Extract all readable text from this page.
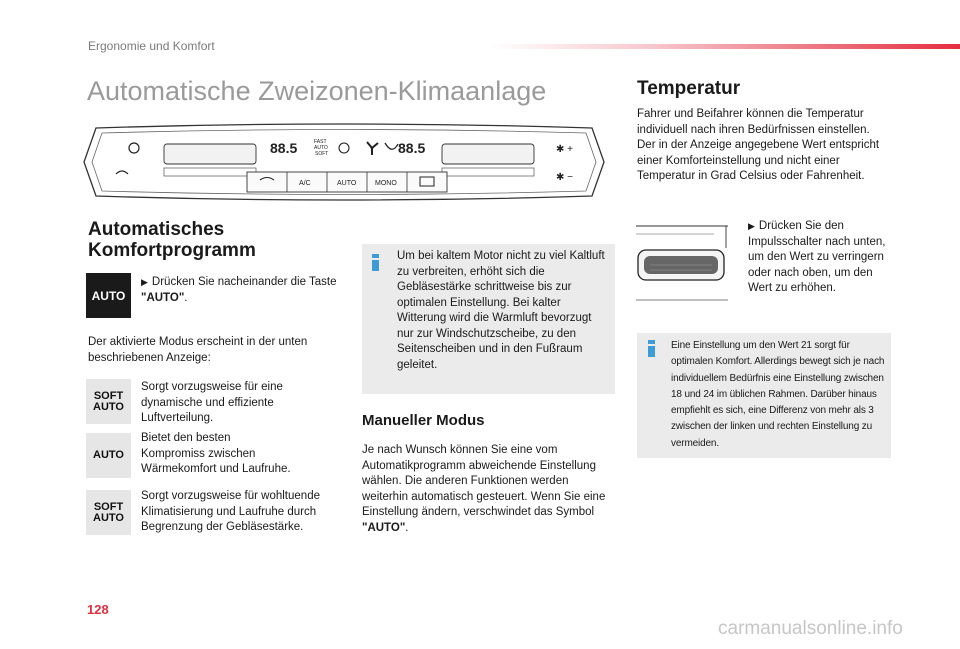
Ergonomie und Komfort
Automatische Zweizonen-Klimaanlage
88.5	FAST
AUTO
SOFT	88.5	✱ +
✱ −
A/C	AUTO	MONO
Automatisches
Komfortprogramm
AUTO
▶ Drücken Sie nacheinander die Taste "AUTO".
Der aktivierte Modus erscheint in der unten beschriebenen Anzeige:
SOFT
AUTO
Sorgt vorzugsweise für eine dynamische und effiziente Luftverteilung.
AUTO
Bietet den besten Kompromiss zwischen Wärmekomfort und Laufruhe.
SOFT
AUTO
Sorgt vorzugsweise für wohltuende Klimatisierung und Laufruhe durch Begrenzung der Gebläsestärke.
Um bei kaltem Motor nicht zu viel Kaltluft zu verbreiten, erhöht sich die Gebläsestärke schrittweise bis zur optimalen Einstellung. Bei kalter Witterung wird die Warmluft bevorzugt nur zur Windschutzscheibe, zu den Seitenscheiben und in den Fußraum geleitet.
Manueller Modus
Je nach Wunsch können Sie eine vom Automatikprogramm abweichende Einstellung wählen. Die anderen Funktionen werden weiterhin automatisch gesteuert. Wenn Sie eine Einstellung ändern, verschwindet das Symbol "AUTO".
Temperatur
Fahrer und Beifahrer können die Temperatur individuell nach ihren Bedürfnissen einstellen. Der in der Anzeige angegebene Wert entspricht einer Komforteinstellung und nicht einer Temperatur in Grad Celsius oder Fahrenheit.
▶ Drücken Sie den Impulsschalter nach unten, um den Wert zu verringern oder nach oben, um den Wert zu erhöhen.
Eine Einstellung um den Wert 21 sorgt für optimalen Komfort. Allerdings bewegt sich je nach individuellem Bedürfnis eine Einstellung zwischen 18 und 24 im üblichen Rahmen. Darüber hinaus empfiehlt es sich, eine Differenz von mehr als 3 zwischen der linken und rechten Einstellung zu vermeiden.
128
carmanualsonline.info
